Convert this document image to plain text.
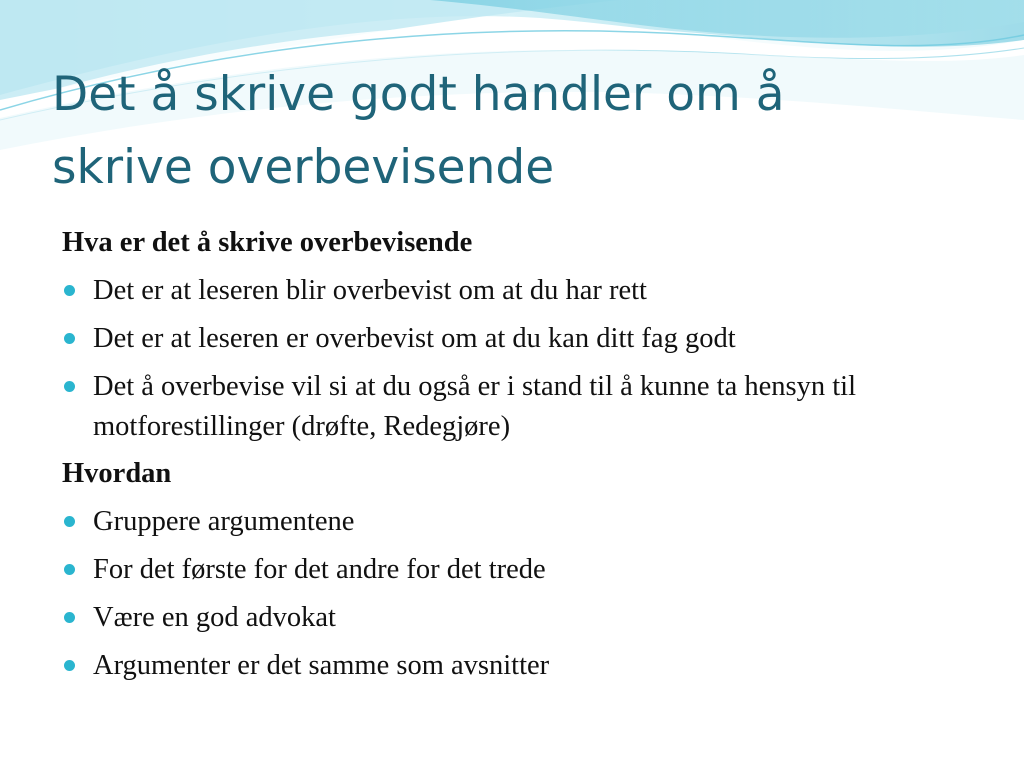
Det å skrive godt handler om å
skrive overbevisende
Hva er det å skrive overbevisende
Det er at leseren blir overbevist om at du har rett
Det er at leseren er overbevist om at du kan ditt fag godt
Det å overbevise vil si at du også er i stand til å kunne ta hensyn til motforestillinger (drøfte, Redegjøre)
Hvordan
Gruppere argumentene
For det første for det andre for det trede
Være en god advokat
Argumenter er det samme som avsnitter
